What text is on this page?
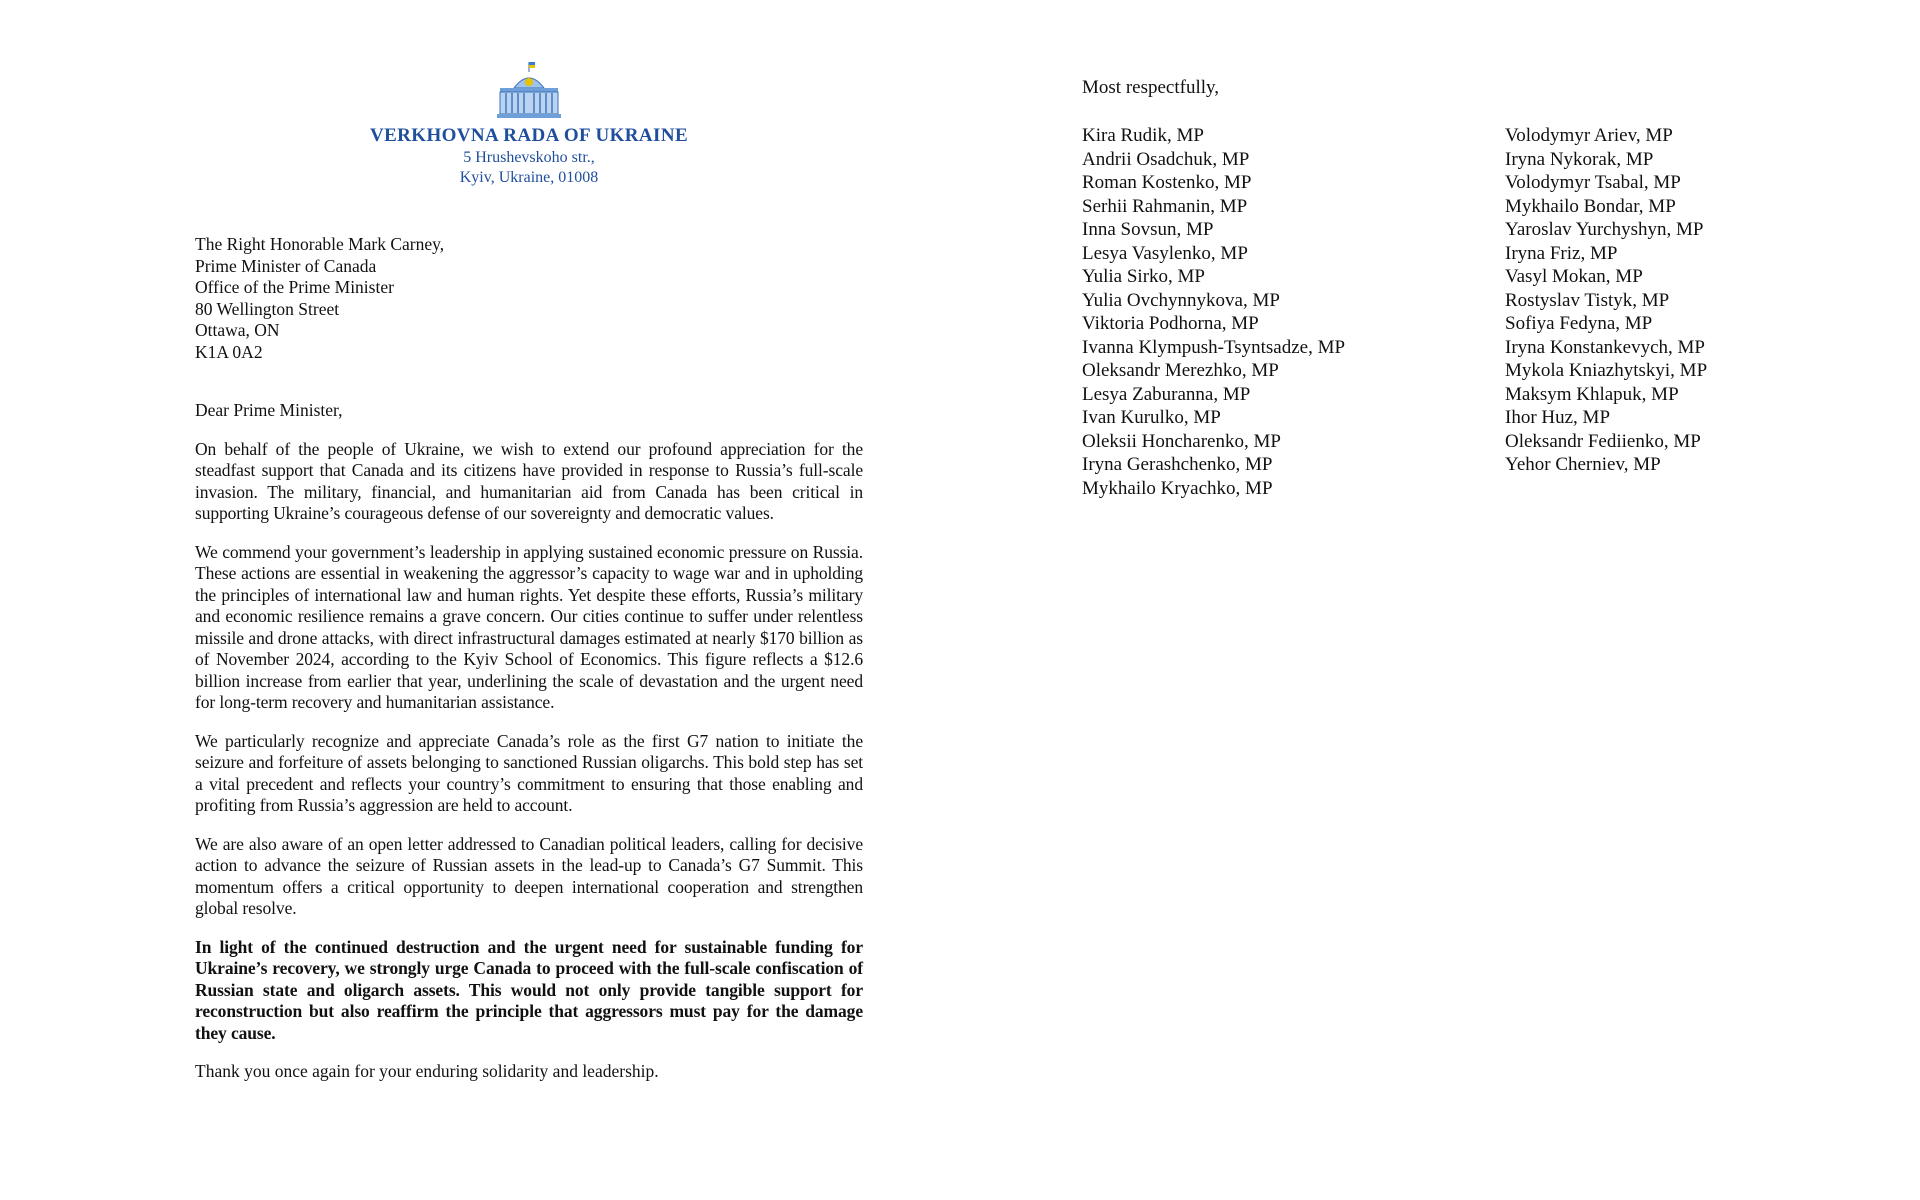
VERKHOVNA RADA OF UKRAINE
5 Hrushevskoho str.,
Kyiv, Ukraine, 01008
The Right Honorable Mark Carney,
Prime Minister of Canada
Office of the Prime Minister
80 Wellington Street
Ottawa, ON
K1A 0A2
Dear Prime Minister,
On behalf of the people of Ukraine, we wish to extend our profound appreciation for the steadfast support that Canada and its citizens have provided in response to Russia’s full-scale invasion. The military, financial, and humanitarian aid from Canada has been critical in supporting Ukraine’s courageous defense of our sovereignty and democratic values.
We commend your government’s leadership in applying sustained economic pressure on Russia. These actions are essential in weakening the aggressor’s capacity to wage war and in upholding the principles of international law and human rights. Yet despite these efforts, Russia’s military and economic resilience remains a grave concern. Our cities continue to suffer under relentless missile and drone attacks, with direct infrastructural damages estimated at nearly $170 billion as of November 2024, according to the Kyiv School of Economics. This figure reflects a $12.6 billion increase from earlier that year, underlining the scale of devastation and the urgent need for long-term recovery and humanitarian assistance.
We particularly recognize and appreciate Canada’s role as the first G7 nation to initiate the seizure and forfeiture of assets belonging to sanctioned Russian oligarchs. This bold step has set a vital precedent and reflects your country’s commitment to ensuring that those enabling and profiting from Russia’s aggression are held to account.
We are also aware of an open letter addressed to Canadian political leaders, calling for decisive action to advance the seizure of Russian assets in the lead-up to Canada’s G7 Summit. This momentum offers a critical opportunity to deepen international cooperation and strengthen global resolve.
In light of the continued destruction and the urgent need for sustainable funding for Ukraine’s recovery, we strongly urge Canada to proceed with the full-scale confiscation of Russian state and oligarch assets. This would not only provide tangible support for reconstruction but also reaffirm the principle that aggressors must pay for the damage they cause.
Thank you once again for your enduring solidarity and leadership.
Most respectfully,
Kira Rudik, MP
Andrii Osadchuk, MP
Roman Kostenko, MP
Serhii Rahmanin, MP
Inna Sovsun, MP
Lesya Vasylenko, MP
Yulia Sirko, MP
Yulia Ovchynnykova, MP
Viktoria Podhorna, MP
Ivanna Klympush-Tsyntsadze, MP
Oleksandr Merezhko, MP
Lesya Zaburanna, MP
Ivan Kurulko, MP
Oleksii Honcharenko, MP
Iryna Gerashchenko, MP
Mykhailo Kryachko, MP
Volodymyr Ariev, MP
Iryna Nykorak, MP
Volodymyr Tsabal, MP
Mykhailo Bondar, MP
Yaroslav Yurchyshyn, MP
Iryna Friz, MP
Vasyl Mokan, MP
Rostyslav Tistyk, MP
Sofiya Fedyna, MP
Iryna Konstankevych, MP
Mykola Kniazhytskyi, MP
Maksym Khlapuk, MP
Ihor Huz, MP
Oleksandr Fediienko, MP
Yehor Cherniev, MP
